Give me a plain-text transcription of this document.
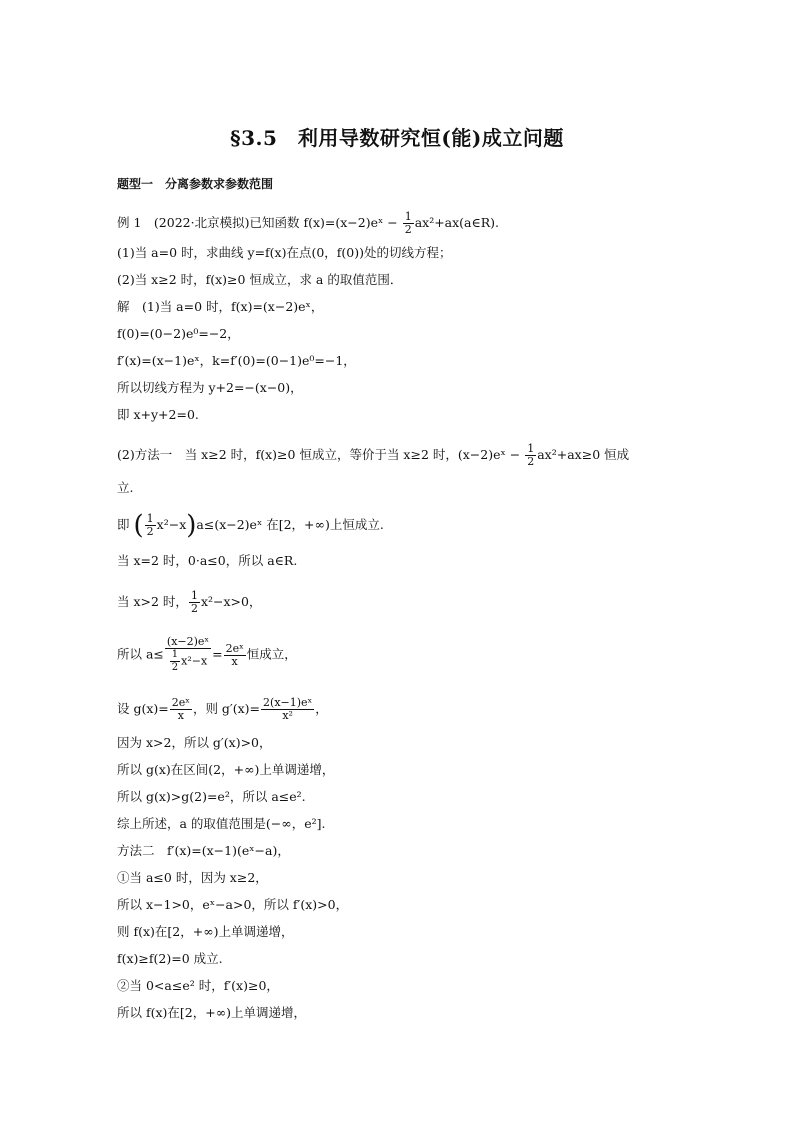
§3.5　利用导数研究恒(能)成立问题
题型一　分离参数求参数范围
例 1　(2022·北京模拟)已知函数 f(x)=(x−2)eˣ − $\frac{1}{2}$ ax²+ax(a∈R).
(1)当 a=0 时，求曲线 y=f(x)在点(0，f(0))处的切线方程；
(2)当 x≥2 时，f(x)≥0 恒成立，求 a 的取值范围．
解　(1)当 a=0 时，f(x)=(x−2)eˣ，
f(0)=(0−2)e⁰=−2，
f′(x)=(x−1)eˣ，k=f′(0)=(0−1)e⁰=−1，
所以切线方程为 y+2=−(x−0)，
即 x+y+2=0.
(2)方法一　当 x≥2 时，f(x)≥0 恒成立，等价于当 x≥2 时，(x−2)eˣ − $\frac{1}{2} ax^2+ax\ge 0$ 恒成
立.
即 ( $\frac{1}{2}$ x²−x)a≤(x−2)eˣ 在[2，+∞)上恒成立.
当 x=2 时，0·a≤0，所以 a∈R.
当 x>2 时， $\frac{1}{2} x^2-x>0$，
所以 $a\le \frac{\text{(x−2)eˣ}}{\frac{1}{2} x^2-x} = \frac{\text{2eˣ}}{x}$ 恒成立，
设 $g(x)= \frac{\text{2eˣ}}{x}$ ，则 $g'(x)= \frac{\text{2(x−1)eˣ}}{\text{x²}}$ ，
因为 x>2，所以 g′(x)>0，
所以 g(x)在区间(2，+∞)上单调递增，
所以 g(x)>g(2)=e²，所以 a≤e².
综上所述，a 的取值范围是(−∞，e²].
方法二　f′(x)=(x−1)(eˣ−a)，
①当 a≤0 时，因为 x≥2，
所以 x−1>0，eˣ−a>0，所以 f′(x)>0，
则 f(x)在[2，+∞)上单调递增，
f(x)≥f(2)=0 成立.
②当 0<a≤e² 时，f′(x)≥0，
所以 f(x)在[2，+∞)上单调递增，
